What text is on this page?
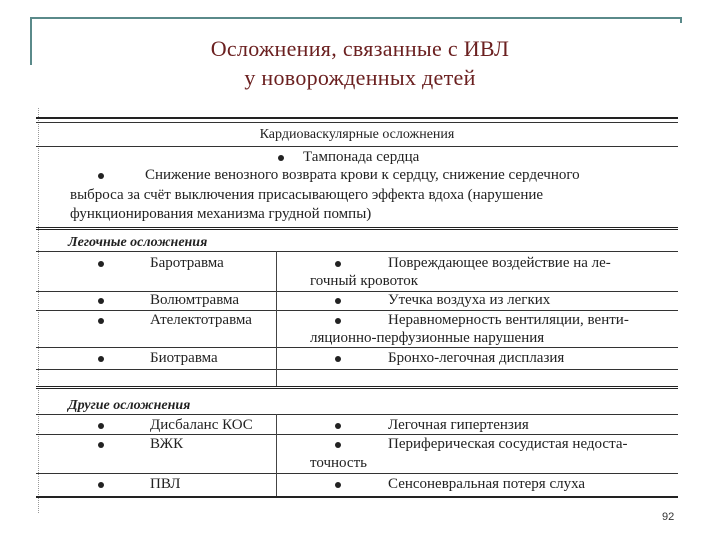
Осложнения, связанные с ИВЛ
у новорожденных детей
Кардиоваскулярные осложнения
Тампонада сердца
Снижение венозного возврата крови к сердцу, снижение сердечного
выброса за счёт выключения присасывающего эффекта вдоха (нарушение
функционирования механизма грудной помпы)
Легочные осложнения
Баротравма	Повреждающее воздействие на ле-
гочный кровоток
Волюмтравма	Утечка воздуха из легких
Ателектотравма	Неравномерность вентиляции, венти-
ляционно-перфузионные нарушения
Биотравма	Бронхо-легочная дисплазия
Другие осложнения
Дисбаланс КОС	Легочная гипертензия
ВЖК	Периферическая сосудистая недоста-
точность
ПВЛ	Сенсоневральная потеря слуха
92
